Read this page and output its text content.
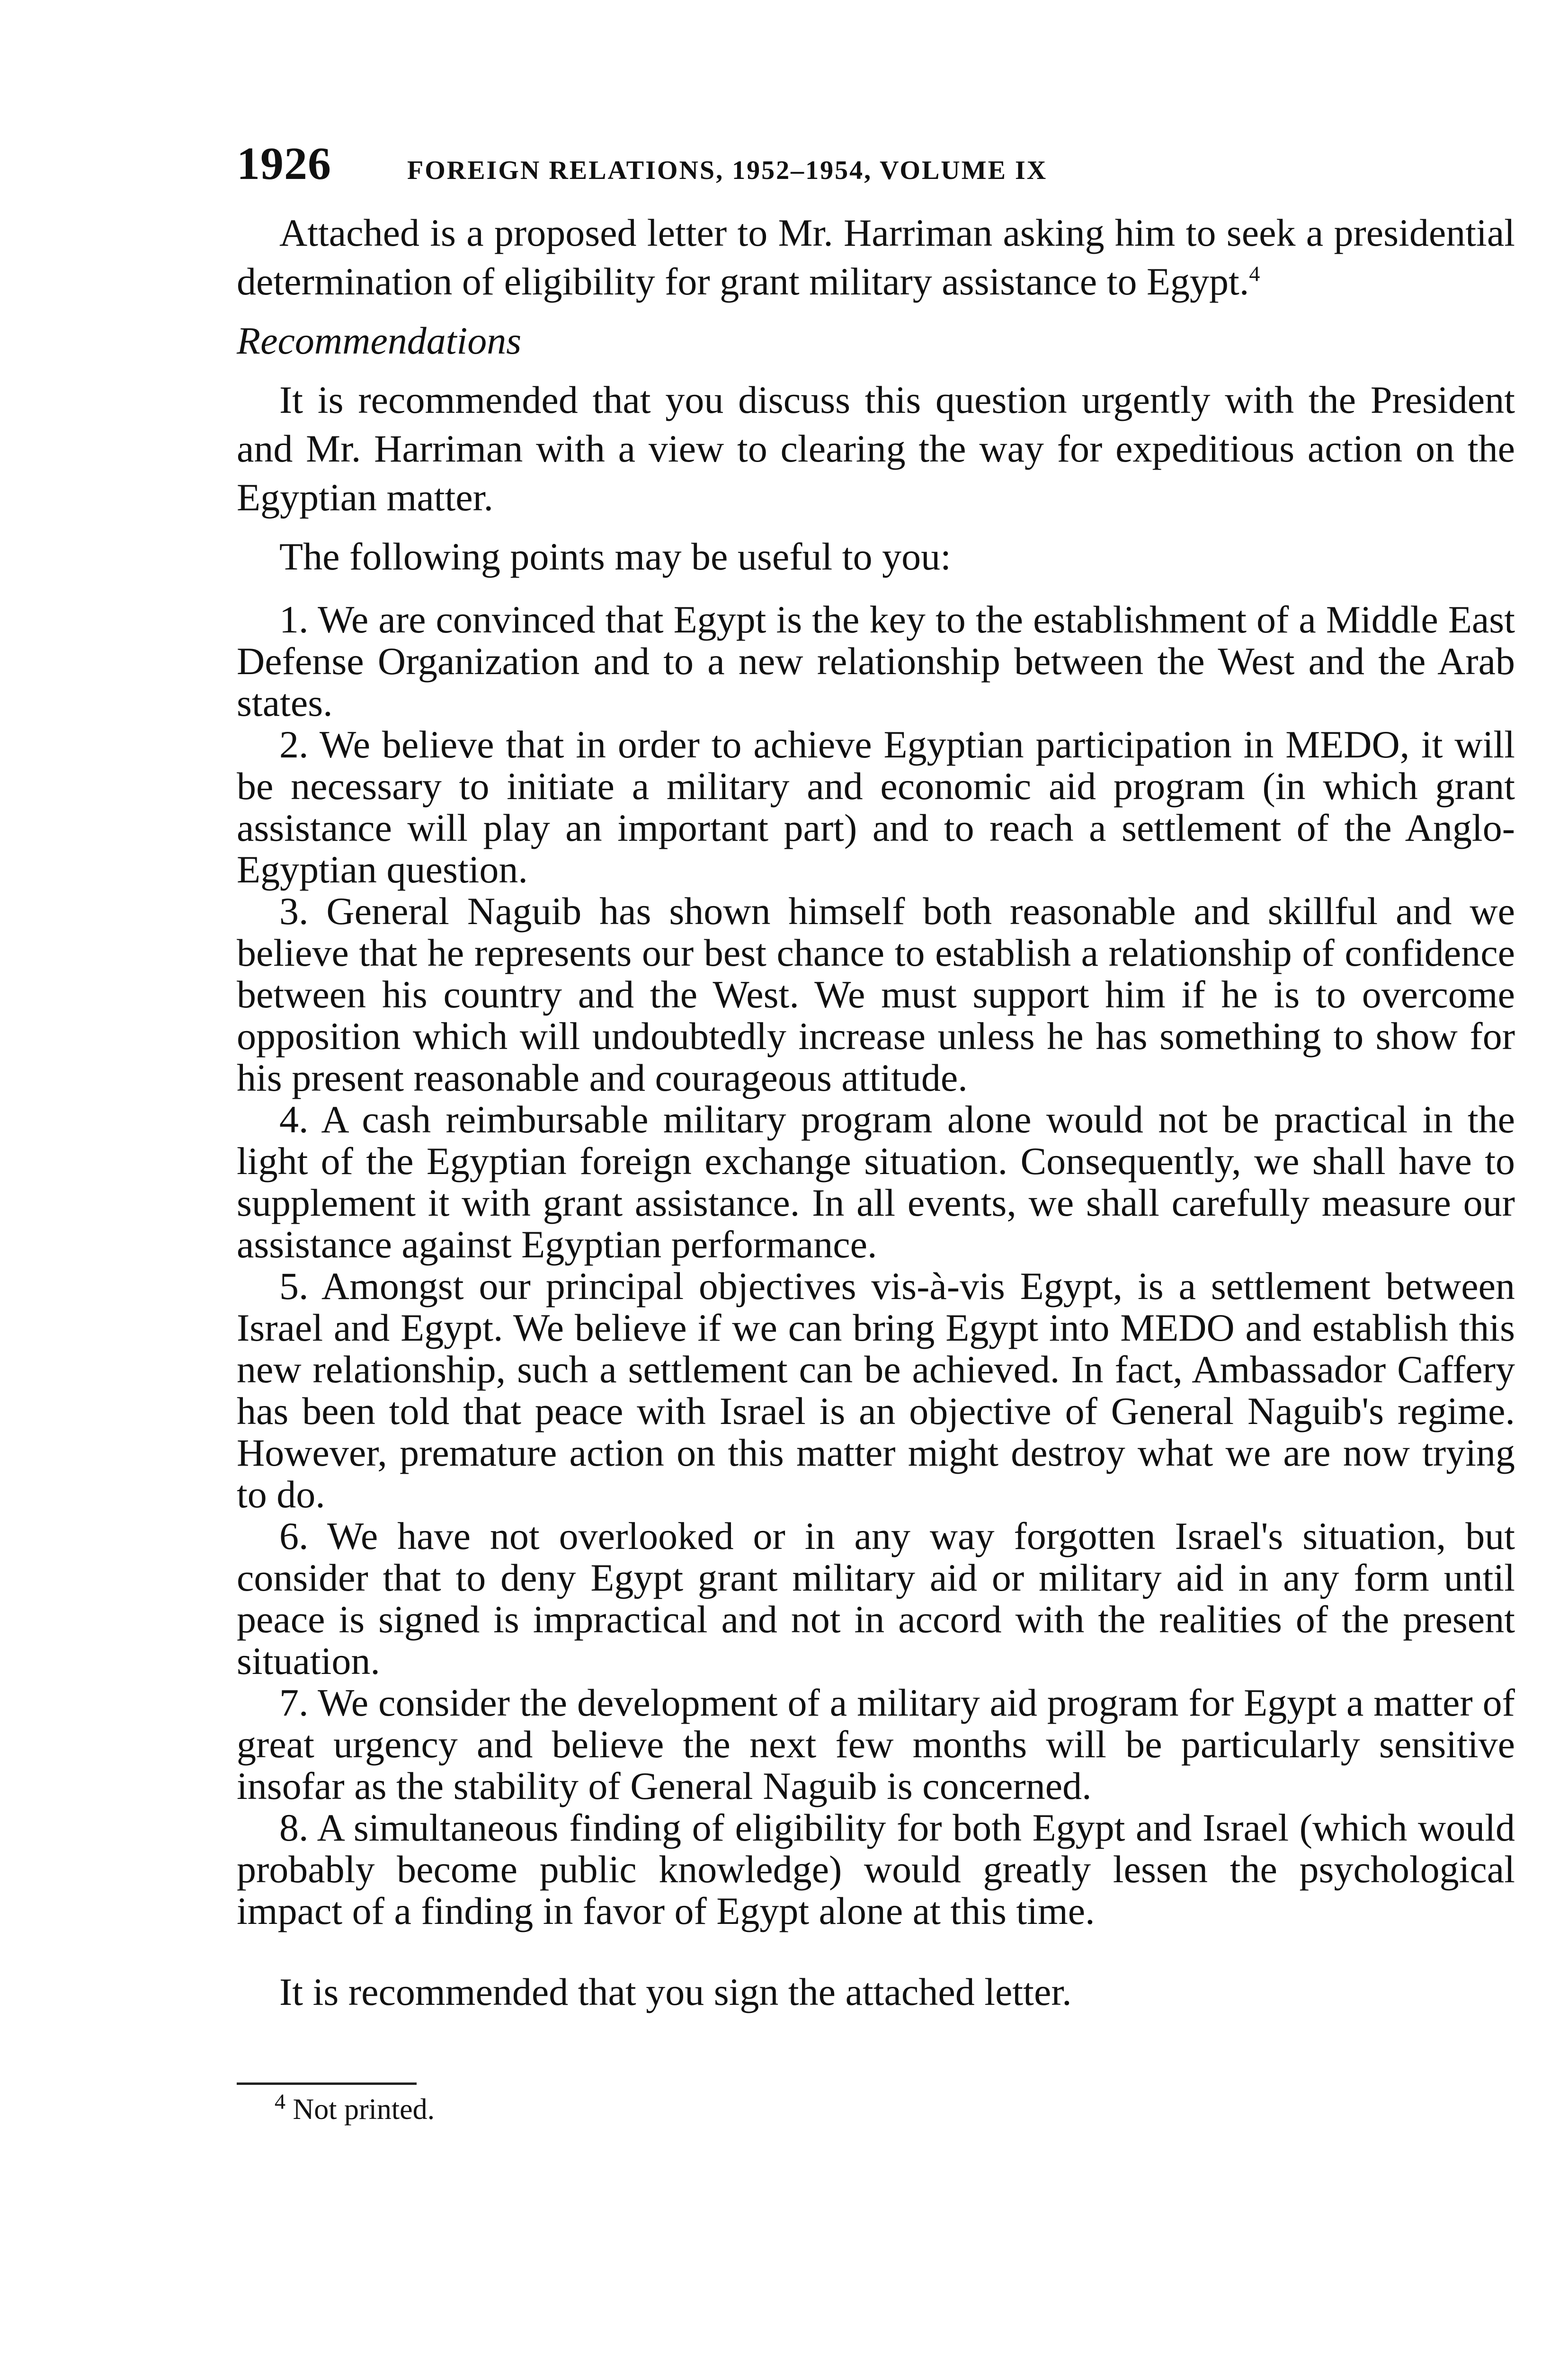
1926	FOREIGN RELATIONS, 1952–1954, VOLUME IX

Attached is a proposed letter to Mr. Harriman asking him to seek a presidential determination of eligibility for grant military assistance to Egypt.$^4$

Recommendations

It is recommended that you discuss this question urgently with the President and Mr. Harriman with a view to clearing the way for expeditious action on the Egyptian matter.

The following points may be useful to you:

1. We are convinced that Egypt is the key to the establishment of a Middle East Defense Organization and to a new relationship between the West and the Arab states.

2. We believe that in order to achieve Egyptian participation in MEDO, it will be necessary to initiate a military and economic aid program (in which grant assistance will play an important part) and to reach a settlement of the Anglo-Egyptian question.

3. General Naguib has shown himself both reasonable and skillful and we believe that he represents our best chance to establish a relationship of confidence between his country and the West. We must support him if he is to overcome opposition which will undoubtedly increase unless he has something to show for his present reasonable and courageous attitude.

4. A cash reimbursable military program alone would not be practical in the light of the Egyptian foreign exchange situation. Consequently, we shall have to supplement it with grant assistance. In all events, we shall carefully measure our assistance against Egyptian performance.

5. Amongst our principal objectives vis-à-vis Egypt, is a settlement between Israel and Egypt. We believe if we can bring Egypt into MEDO and establish this new relationship, such a settlement can be achieved. In fact, Ambassador Caffery has been told that peace with Israel is an objective of General Naguib's regime. However, premature action on this matter might destroy what we are now trying to do.

6. We have not overlooked or in any way forgotten Israel's situation, but consider that to deny Egypt grant military aid or military aid in any form until peace is signed is impractical and not in accord with the realities of the present situation.

7. We consider the development of a military aid program for Egypt a matter of great urgency and believe the next few months will be particularly sensitive insofar as the stability of General Naguib is concerned.

8. A simultaneous finding of eligibility for both Egypt and Israel (which would probably become public knowledge) would greatly lessen the psychological impact of a finding in favor of Egypt alone at this time.

It is recommended that you sign the attached letter.

$^4$ Not printed.
